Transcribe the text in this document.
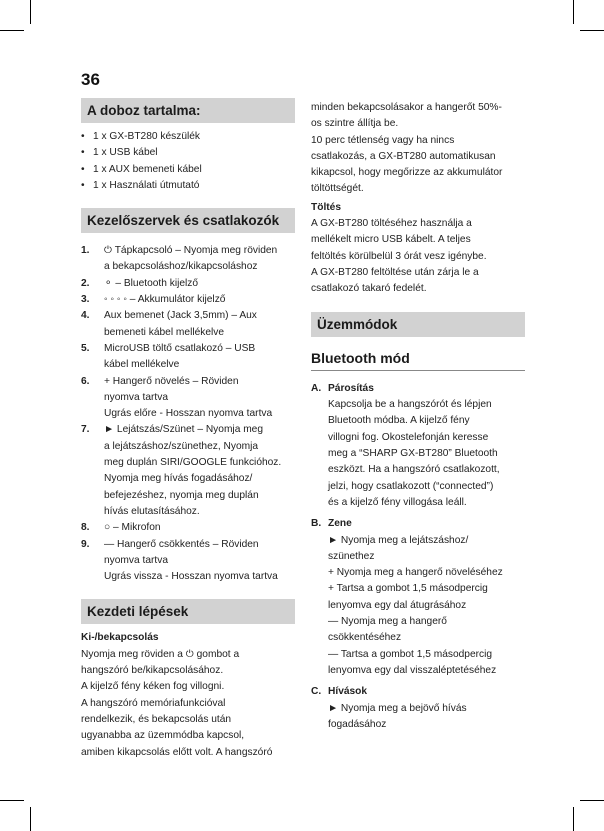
36
A doboz tartalma:
• 1 x GX-BT280 készülék
• 1 x USB kábel
• 1 x AUX bemeneti kábel
• 1 x Használati útmutató
Kezelőszervek és csatlakozók
1.	⏻ Tápkapcsoló – Nyomja meg röviden
a bekapcsoláshoz/kikapcsoláshoz
2.	⚬ – Bluetooth kijelző
3.	◦ ◦ ◦ ◦ – Akkumulátor kijelző
4.	Aux bemenet (Jack 3,5mm) – Aux
bemeneti kábel mellékelve
5.	MicroUSB töltő csatlakozó – USB
kábel mellékelve
6.	+ Hangerő növelés – Röviden
nyomva tartva
Ugrás előre - Hosszan nyomva tartva
7.	► Lejátszás/Szünet – Nyomja meg
a lejátszáshoz/szünethez, Nyomja
meg duplán SIRI/GOOGLE funkcióhoz.
Nyomja meg hívás fogadásához/
befejezéshez, nyomja meg duplán
hívás elutasításához.
8.	○ – Mikrofon
9.	— Hangerő csökkentés – Röviden
nyomva tartva
Ugrás vissza - Hosszan nyomva tartva
Kezdeti lépések
Ki-/bekapcsolás
Nyomja meg röviden a ⏻ gombot a
hangszóró be/kikapcsolásához.
A kijelző fény kéken fog villogni.
A hangszóró memóriafunkcióval
rendelkezik, és bekapcsolás után
ugyanabba az üzemmódba kapcsol,
amiben kikapcsolás előtt volt. A hangszóró
minden bekapcsolásakor a hangerőt 50%-
os szintre állítja be.
10 perc tétlenség vagy ha nincs
csatlakozás, a GX-BT280 automatikusan
kikapcsol, hogy megőrizze az akkumulátor
töltöttségét.
Töltés
A GX-BT280 töltéséhez használja a
mellékelt micro USB kábelt. A teljes
feltöltés körülbelül 3 órát vesz igénybe.
A GX-BT280 feltöltése után zárja le a
csatlakozó takaró fedelét.
Üzemmódok
Bluetooth mód
A. Párosítás
Kapcsolja be a hangszórót és lépjen
Bluetooth módba. A kijelző fény
villogni fog. Okostelefonján keresse
meg a “SHARP GX-BT280” Bluetooth
eszközt. Ha a hangszóró csatlakozott,
jelzi, hogy csatlakozott (“connected”)
és a kijelző fény villogása leáll.
B. Zene
► Nyomja meg a lejátszáshoz/
szünethez
+ Nyomja meg a hangerő növeléséhez
+ Tartsa a gombot 1,5 másodpercig
lenyomva egy dal átugrásához
— Nyomja meg a hangerő
csökkentéséhez
— Tartsa a gombot 1,5 másodpercig
lenyomva egy dal visszaléptetéséhez
C. Hívások
► Nyomja meg a bejövő hívás
fogadásához
